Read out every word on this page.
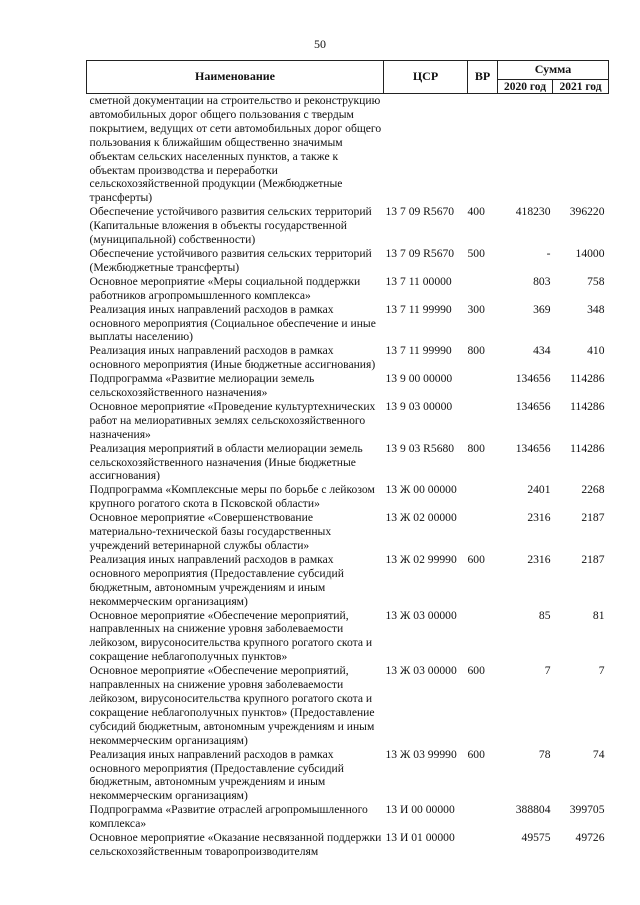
50
Наименование	ЦСР	ВР	Сумма	
			2020 год	2021 год
сметной документации на строительство и реконструкцию автомобильных дорог общего пользования с твердым покрытием, ведущих от сети автомобильных дорог общего пользования к ближайшим общественно значимым объектам сельских населенных пунктов, а также к объектам производства и переработки сельскохозяйственной продукции (Межбюджетные трансферты)				
Обеспечение устойчивого развития сельских территорий (Капитальные вложения в объекты государственной (муниципальной) собственности)	13 7 09 R5670	400	418230	396220
Обеспечение устойчивого развития сельских территорий (Межбюджетные трансферты)	13 7 09 R5670	500	-	14000
Основное мероприятие «Меры социальной поддержки работников агропромышленного комплекса»	13 7 11 00000		803	758
Реализация иных направлений расходов в рамках основного мероприятия (Социальное обеспечение и иные выплаты населению)	13 7 11 99990	300	369	348
Реализация иных направлений расходов в рамках основного мероприятия (Иные бюджетные ассигнования)	13 7 11 99990	800	434	410
Подпрограмма «Развитие мелиорации земель сельскохозяйственного назначения»	13 9 00 00000		134656	114286
Основное мероприятие «Проведение культуртехнических работ на мелиоративных землях сельскохозяйственного назначения»	13 9 03 00000		134656	114286
Реализация мероприятий в области мелиорации земель сельскохозяйственного назначения (Иные бюджетные ассигнования)	13 9 03 R5680	800	134656	114286
Подпрограмма «Комплексные меры по борьбе с лейкозом крупного рогатого скота в Псковской области»	13 Ж 00 00000		2401	2268
Основное мероприятие «Совершенствование материально-технической базы государственных учреждений ветеринарной службы области»	13 Ж 02 00000		2316	2187
Реализация иных направлений расходов в рамках основного мероприятия (Предоставление субсидий бюджетным, автономным учреждениям и иным некоммерческим организациям)	13 Ж 02 99990	600	2316	2187
Основное мероприятие «Обеспечение мероприятий, направленных на снижение уровня заболеваемости лейкозом, вирусоносительства крупного рогатого скота и сокращение неблагополучных пунктов»	13 Ж 03 00000		85	81
Основное мероприятие «Обеспечение мероприятий, направленных на снижение уровня заболеваемости лейкозом, вирусоносительства крупного рогатого скота и сокращение неблагополучных пунктов» (Предоставление субсидий бюджетным, автономным учреждениям и иным некоммерческим организациям)	13 Ж 03 00000	600	7	7
Реализация иных направлений расходов в рамках основного мероприятия (Предоставление субсидий бюджетным, автономным учреждениям и иным некоммерческим организациям)	13 Ж 03 99990	600	78	74
Подпрограмма «Развитие отраслей агропромышленного комплекса»	13 И 00 00000		388804	399705
Основное мероприятие «Оказание несвязанной поддержки сельскохозяйственным товаропроизводителям	13 И 01 00000		49575	49726
